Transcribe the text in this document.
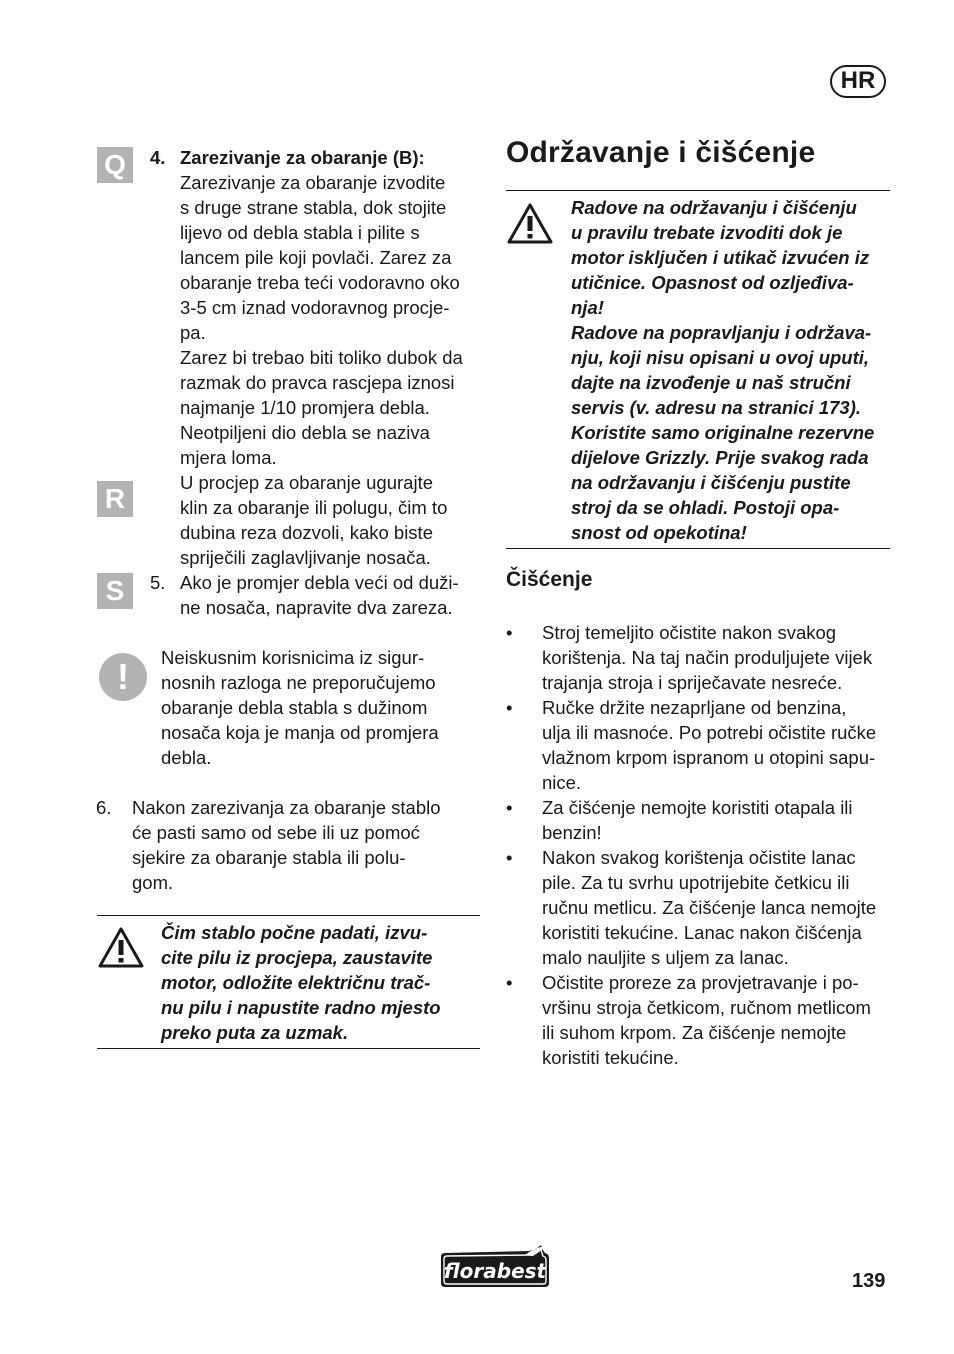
HR
Q
R
S
4. Zarezivanje za obaranje (B):
Zarezivanje za obaranje izvodite
s druge strane stabla, dok stojite
lijevo od debla stabla i pilite s
lancem pile koji povlači. Zarez za
obaranje treba teći vodoravno oko
3-5 cm iznad vodoravnog procje-
pa.
Zarez bi trebao biti toliko dubok da
razmak do pravca rascjepa iznosi
najmanje 1/10 promjera debla.
Neotpiljeni dio debla se naziva
mjera loma.
U procjep za obaranje ugurajte
klin za obaranje ili polugu, čim to
dubina reza dozvoli, kako biste
spriječili zaglavljivanje nosača.
5. Ako je promjer debla veći od duži-
ne nosača, napravite dva zareza.
!	Neiskusnim korisnicima iz sigur-
nosnih razloga ne preporučujemo
obaranje debla stabla s dužinom
nosača koja je manja od promjera
debla.
6. Nakon zarezivanja za obaranje stablo
će pasti samo od sebe ili uz pomoć
sjekire za obaranje stabla ili polu-
gom.
Čim stablo počne padati, izvu-
cite pilu iz procjepa, zaustavite
motor, odložite električnu trač-
nu pilu i napustite radno mjesto
preko puta za uzmak.
Održavanje i čišćenje
Radove na održavanju i čišćenju
u pravilu trebate izvoditi dok je
motor isključen i utikač izvućen iz
utičnice. Opasnost od ozljeđiva-
nja!
Radove na popravljanju i održava-
nju, koji nisu opisani u ovoj uputi,
dajte na izvođenje u naš stručni
servis (v. adresu na stranici 173).
Koristite samo originalne rezervne
dijelove Grizzly. Prije svakog rada
na održavanju i čišćenju pustite
stroj da se ohladi. Postoji opa-
snost od opekotina!
Čišćenje
• Stroj temeljito očistite nakon svakog
korištenja. Na taj način produljujete vijek
trajanja stroja i spriječavate nesreće.
• Ručke držite nezaprljane od benzina,
ulja ili masnoće. Po potrebi očistite ručke
vlažnom krpom ispranom u otopini sapu-
nice.
• Za čišćenje nemojte koristiti otapala ili
benzin!
• Nakon svakog korištenja očistite lanac
pile. Za tu svrhu upotrijebite četkicu ili
ručnu metlicu. Za čišćenje lanca nemojte
koristiti tekućine. Lanac nakon čišćenja
malo nauljite s uljem za lanac.
• Očistite proreze za provjetravanje i po-
vršinu stroja četkicom, ručnom metlicom
ili suhom krpom. Za čišćenje nemojte
koristiti tekućine.
florabest	139
